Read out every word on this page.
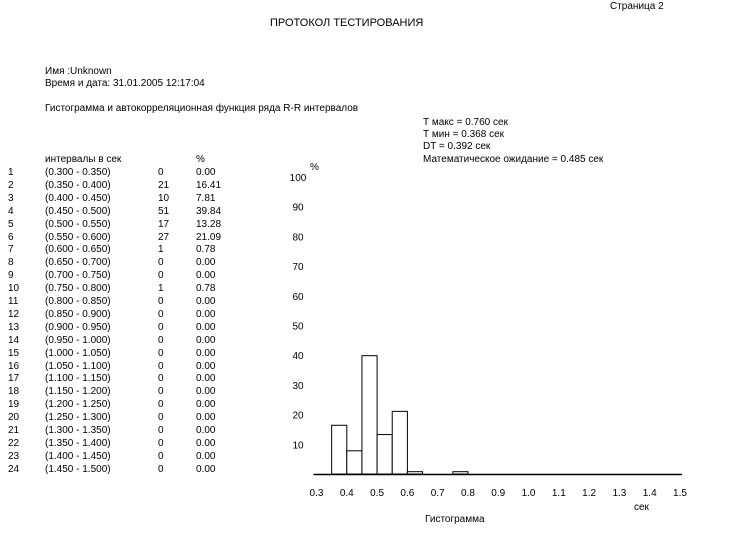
Страница 2
ПРОТОКОЛ ТЕСТИРОВАНИЯ
Имя :Unknown
Время и дата: 31.01.2005 12:17:04
Гистограмма и автокорреляционная функция ряда R-R интервалов
Т макс = 0.760 сек
Т мин = 0.368 сек
DT = 0.392 сек
Математическое ожидание = 0.485 сек
интервалы в сек	%
1	(0.300 - 0.350)	0	0.00
2	(0.350 - 0.400)	21	16.41
3	(0.400 - 0.450)	10	7.81
4	(0.450 - 0.500)	51	39.84
5	(0.500 - 0.550)	17	13.28
6	(0.550 - 0.600)	27	21.09
7	(0.600 - 0.650)	1	0.78
8	(0.650 - 0.700)	0	0.00
9	(0.700 - 0.750)	0	0.00
10	(0.750 - 0.800)	1	0.78
11	(0.800 - 0.850)	0	0.00
12	(0.850 - 0.900)	0	0.00
13	(0.900 - 0.950)	0	0.00
14	(0.950 - 1.000)	0	0.00
15	(1.000 - 1.050)	0	0.00
16	(1.050 - 1.100)	0	0.00
17	(1.100 - 1.150)	0	0.00
18	(1.150 - 1.200)	0	0.00
19	(1.200 - 1.250)	0	0.00
20	(1.250 - 1.300)	0	0.00
21	(1.300 - 1.350)	0	0.00
22	(1.350 - 1.400)	0	0.00
23	(1.400 - 1.450)	0	0.00
24	(1.450 - 1.500)	0	0.00
10
20
30
40
50
60
70
80
90
100
0.3 0.4 0.5 0.6 0.7 0.8 0.9 1.0 1.1 1.2 1.3 1.4 1.5
%
сек
Гистограмма
